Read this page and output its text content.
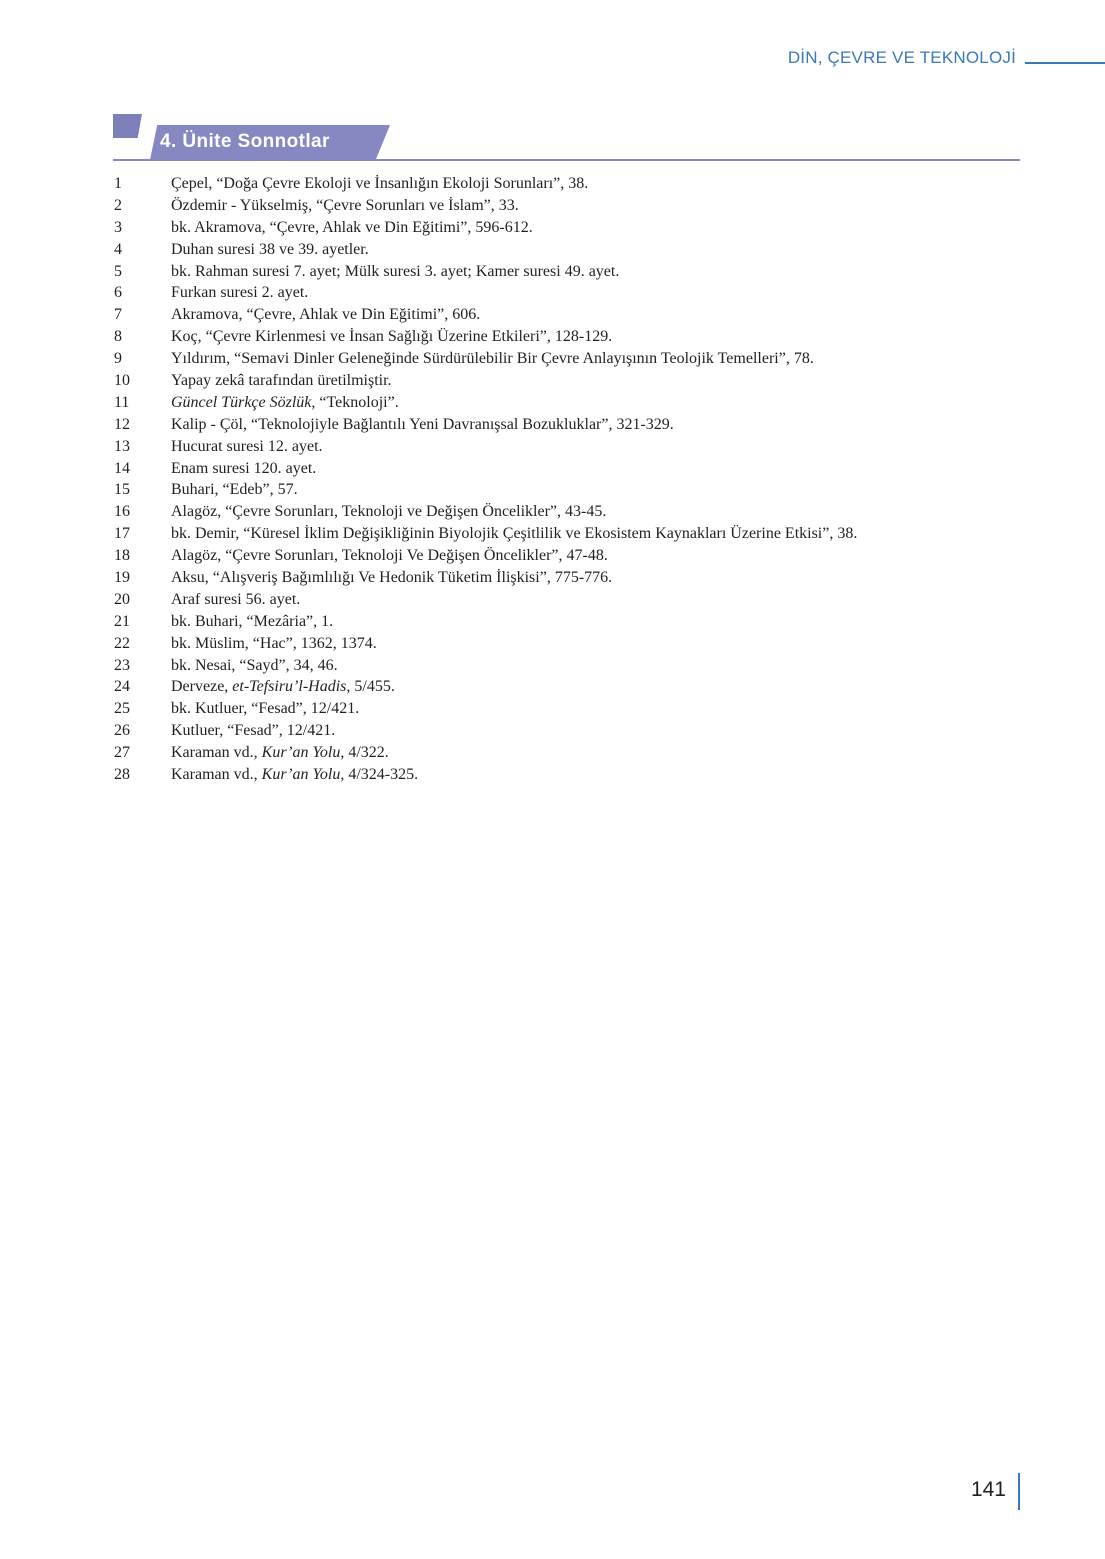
DİN, ÇEVRE VE TEKNOLOJİ
4. Ünite Sonnotlar
1	Çepel, “Doğa Çevre Ekoloji ve İnsanlığın Ekoloji Sorunları”, 38.
2	Özdemir - Yükselmiş, “Çevre Sorunları ve İslam”, 33.
3	bk. Akramova, “Çevre, Ahlak ve Din Eğitimi”, 596-612.
4	Duhan suresi 38 ve 39. ayetler.
5	bk. Rahman suresi 7. ayet; Mülk suresi 3. ayet; Kamer suresi 49. ayet.
6	Furkan suresi 2. ayet.
7	Akramova, “Çevre, Ahlak ve Din Eğitimi”, 606.
8	Koç, “Çevre Kirlenmesi ve İnsan Sağlığı Üzerine Etkileri”, 128-129.
9	Yıldırım, “Semavi Dinler Geleneğinde Sürdürülebilir Bir Çevre Anlayışının Teolojik Temelleri”, 78.
10	Yapay zekâ tarafından üretilmiştir.
11	Güncel Türkçe Sözlük, “Teknoloji”.
12	Kalip - Çöl, “Teknolojiyle Bağlantılı Yeni Davranışsal Bozukluklar”, 321-329.
13	Hucurat suresi 12. ayet.
14	Enam suresi 120. ayet.
15	Buhari, “Edeb”, 57.
16	Alagöz, “Çevre Sorunları, Teknoloji ve Değişen Öncelikler”, 43-45.
17	bk. Demir, “Küresel İklim Değişikliğinin Biyolojik Çeşitlilik ve Ekosistem Kaynakları Üzerine Etkisi”, 38.
18	Alagöz, “Çevre Sorunları, Teknoloji Ve Değişen Öncelikler”, 47-48.
19	Aksu, “Alışveriş Bağımlılığı Ve Hedonik Tüketim İlişkisi”, 775-776.
20	Araf suresi 56. ayet.
21	bk. Buhari, “Mezâria”, 1.
22	bk. Müslim, “Hac”, 1362, 1374.
23	bk. Nesai, “Sayd”, 34, 46.
24	Derveze, et-Tefsiru’l-Hadis, 5/455.
25	bk. Kutluer, “Fesad”, 12/421.
26	Kutluer, “Fesad”, 12/421.
27	Karaman vd., Kur’an Yolu, 4/322.
28	Karaman vd., Kur’an Yolu, 4/324-325.
141
